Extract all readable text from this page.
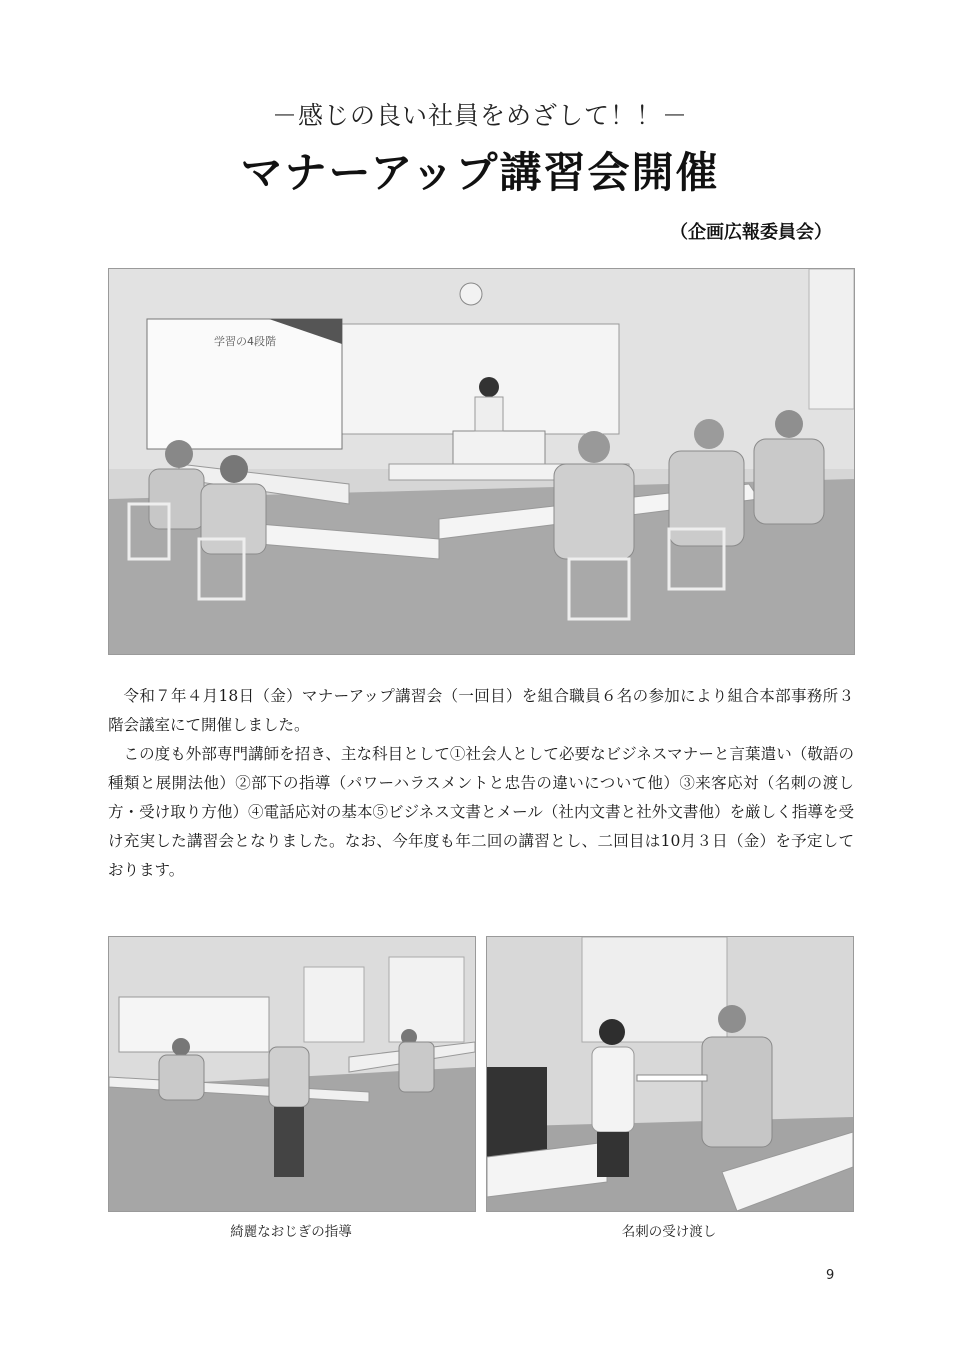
－感じの良い社員をめざして！！－
マナーアップ講習会開催
（企画広報委員会）
学習の4段階

令和７年４月18日（金）マナーアップ講習会（一回目）を組合職員６名の参加により組合本部事務所３階会議室にて開催しました。

この度も外部専門講師を招き、主な科目として①社会人として必要なビジネスマナーと言葉遣い（敬語の種類と展開法他）②部下の指導（パワーハラスメントと忠告の違いについて他）③来客応対（名刺の渡し方・受け取り方他）④電話応対の基本⑤ビジネス文書とメール（社内文書と社外文書他）を厳しく指導を受け充実した講習会となりました。なお、今年度も年二回の講習とし、二回目は10月３日（金）を予定しております。

綺麗なおじぎの指導	名刺の受け渡し
9
